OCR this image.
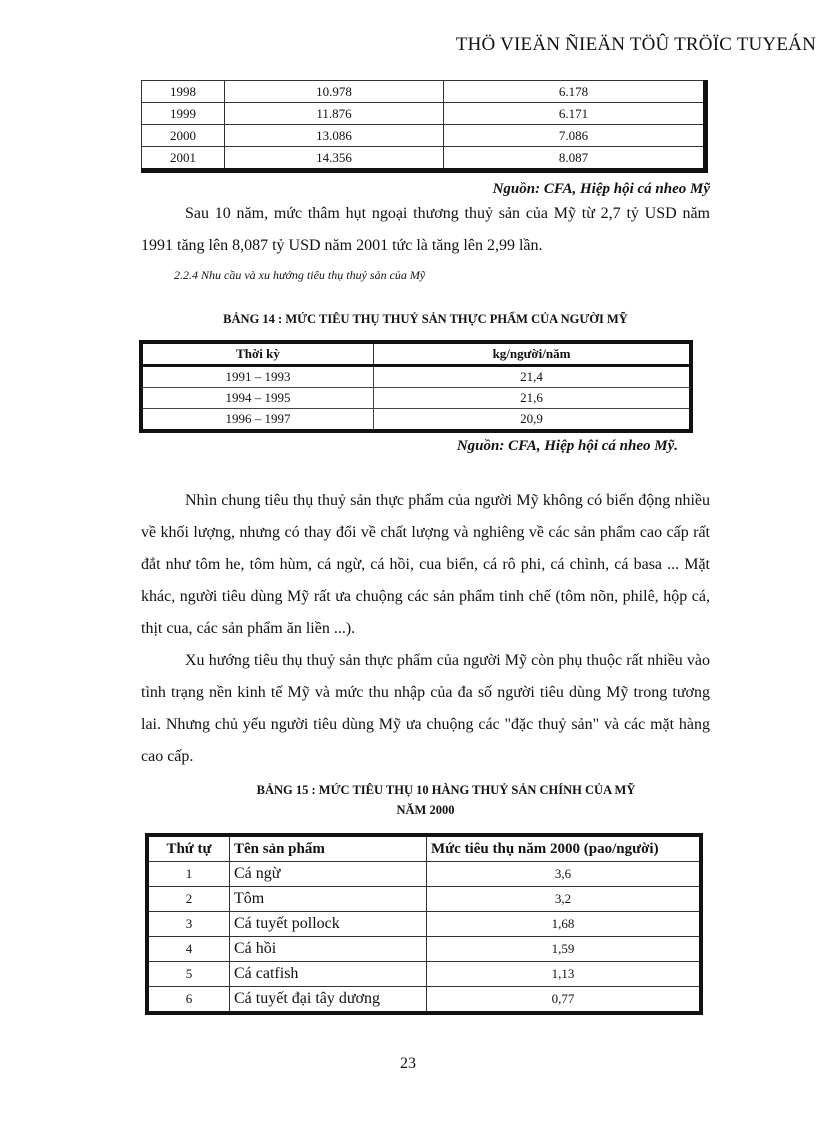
THÖ VIEÄN ÑIEÄN TÖÛ TRÖÏC TUYEÁN
1998	10.978	6.178
1999	11.876	6.171
2000	13.086	7.086
2001	14.356	8.087
Nguồn: CFA, Hiệp hội cá nheo Mỹ
Sau 10 năm, mức thâm hụt ngoại thương thuỷ sản của Mỹ từ 2,7 tỷ USD năm 1991 tăng lên 8,087 tỷ USD năm 2001 tức là tăng lên 2,99 lần.
2.2.4 Nhu cầu và xu hướng tiêu thụ thuỷ sản của Mỹ
BẢNG 14 : MỨC TIÊU THỤ THUỶ SẢN THỰC PHẨM CỦA NGƯỜI MỸ
Thời kỳ	kg/người/năm
1991 – 1993	21,4
1994 – 1995	21,6
1996 – 1997	20,9
Nguồn: CFA, Hiệp hội cá nheo Mỹ.
Nhìn chung tiêu thụ thuỷ sản thực phẩm của người Mỹ không có biến động nhiều về khối lượng, nhưng có thay đổi về chất lượng và nghiêng về các sản phẩm cao cấp rất đắt như tôm he, tôm hùm, cá ngừ, cá hồi, cua biển, cá rô phi, cá chình, cá basa ... Mặt khác, người tiêu dùng Mỹ rất ưa chuộng các sản phẩm tinh chế (tôm nõn, philê, hộp cá, thịt cua, các sản phẩm ăn liền ...).
Xu hướng tiêu thụ thuỷ sản thực phẩm của người Mỹ còn phụ thuộc rất nhiều vào tình trạng nền kinh tế Mỹ và mức thu nhập của đa số người tiêu dùng Mỹ trong tương lai. Nhưng chủ yếu người tiêu dùng Mỹ ưa chuộng các "đặc thuỷ sản" và các mặt hàng cao cấp.
BẢNG 15 : MỨC TIÊU THỤ 10 HÀNG THUỶ SẢN CHÍNH CỦA MỸ
NĂM 2000
Thứ tự	Tên sản phẩm	Mức tiêu thụ năm 2000 (pao/người)
1	Cá ngừ	3,6
2	Tôm	3,2
3	Cá tuyết pollock	1,68
4	Cá hồi	1,59
5	Cá catfish	1,13
6	Cá tuyết đại tây dương	0,77
23
